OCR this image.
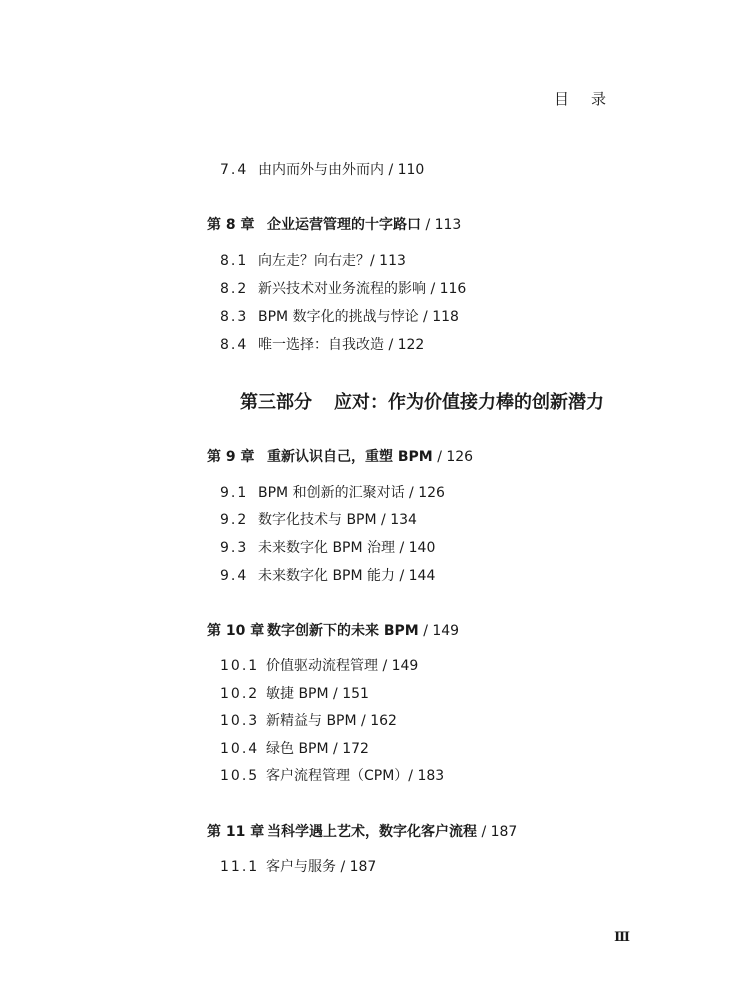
目录
7.4 由内而外与由外而内 / 110
第 8 章 企业运营管理的十字路口 / 113
8.1 向左走？向右走？/ 113
8.2 新兴技术对业务流程的影响 / 116
8.3 BPM 数字化的挑战与悖论 / 118
8.4 唯一选择：自我改造 / 122
第三部分 应对：作为价值接力棒的创新潜力
第 9 章 重新认识自己，重塑 BPM / 126
9.1 BPM 和创新的汇聚对话 / 126
9.2 数字化技术与 BPM / 134
9.3 未来数字化 BPM 治理 / 140
9.4 未来数字化 BPM 能力 / 144
第 10 章 数字创新下的未来 BPM / 149
10.1 价值驱动流程管理 / 149
10.2 敏捷 BPM / 151
10.3 新精益与 BPM / 162
10.4 绿色 BPM / 172
10.5 客户流程管理（CPM）/ 183
第 11 章 当科学遇上艺术，数字化客户流程 / 187
11.1 客户与服务 / 187
Ⅲ
